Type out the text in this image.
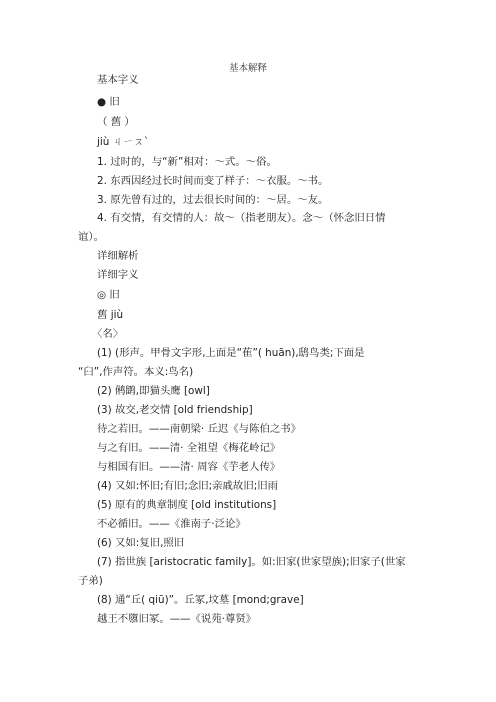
基本解释
基本字义
● 旧
（ 舊 ）
jiù ㄐㄧㄡˋ
1. 过时的，与“新”相对：～式。～俗。
2. 东西因经过长时间而变了样子：～衣服。～书。
3. 原先曾有过的，过去很长时间的：～居。～友。
4. 有交情，有交情的人：故～（指老朋友）。念～（怀念旧日情
谊）。
详细解析
详细字义
◎ 旧
舊 jiù
〈名〉
(1) (形声。甲骨文字形,上面是“萑”( huān),鸱鸟类;下面是
“臼”,作声符。本义:鸟名)
(2) 鸺鹠,即猫头鹰 [owl]
(3) 故交,老交情 [old friendship]
待之若旧。——南朝梁· 丘迟《与陈伯之书》
与之有旧。——清· 全祖望《梅花岭记》
与相国有旧。——清· 周容《芋老人传》
(4) 又如:怀旧;有旧;念旧;亲戚故旧;旧雨
(5) 原有的典章制度 [old institutions]
不必循旧。——《淮南子·泛论》
(6) 又如:复旧,照旧
(7) 指世族 [aristocratic family]。如:旧家(世家望族);旧家子(世家
子弟)
(8) 通“丘( qiū)”。丘冢,坟墓 [mond;grave]
越王不隳旧冢。——《说苑·尊贤》
